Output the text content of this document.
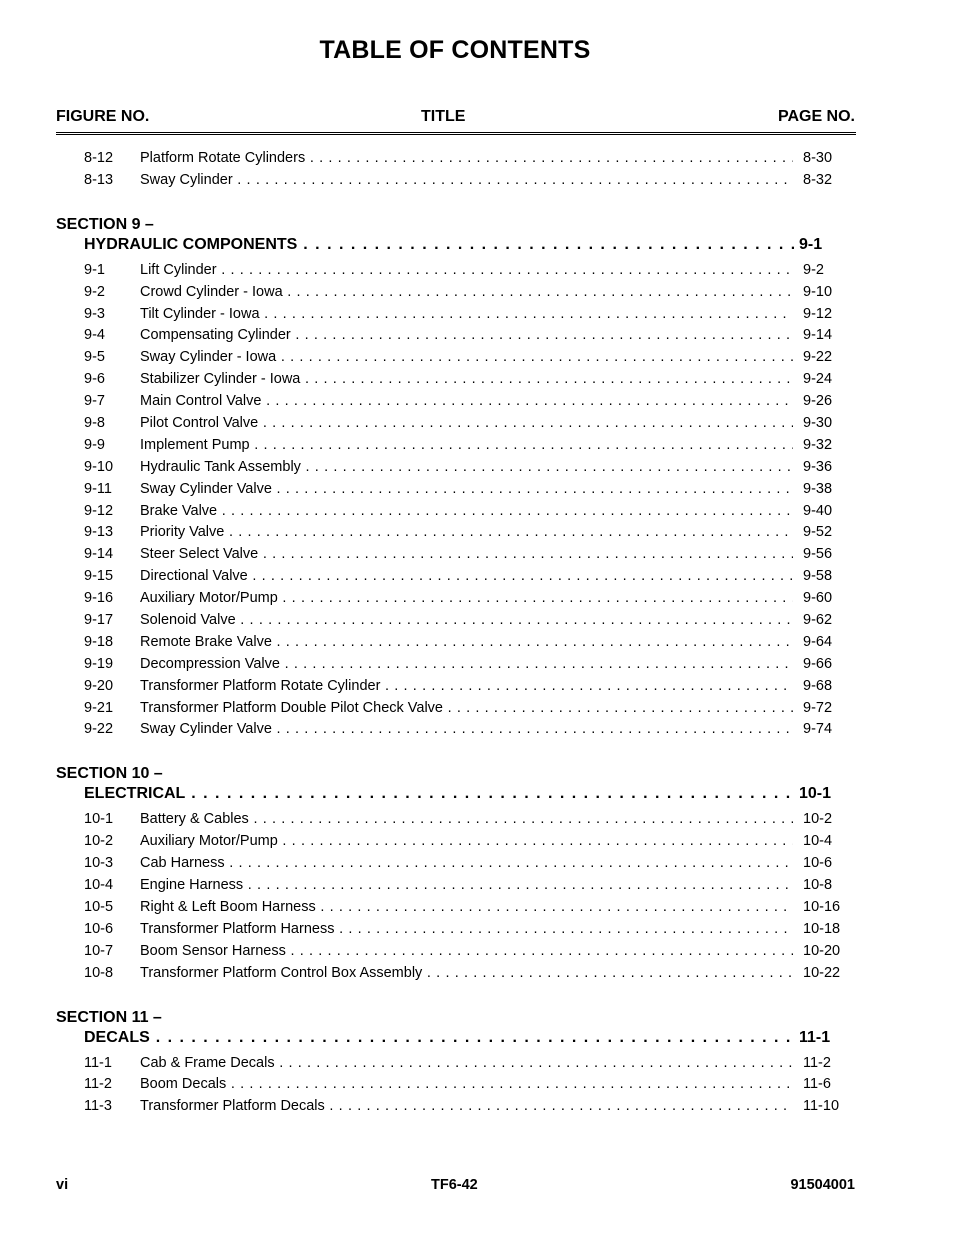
TABLE OF CONTENTS
FIGURE NO.	TITLE	PAGE NO.
8-12 Platform Rotate Cylinders . . .	8-30
8-13 Sway Cylinder . . .	8-32
SECTION 9 –
HYDRAULIC COMPONENTS . . .	9-1
9-1 Lift Cylinder . . .	9-2
9-2 Crowd Cylinder - Iowa . . .	9-10
9-3 Tilt Cylinder - Iowa . . .	9-12
9-4 Compensating Cylinder . . .	9-14
9-5 Sway Cylinder - Iowa . . .	9-22
9-6 Stabilizer Cylinder - Iowa . . .	9-24
9-7 Main Control Valve . . .	9-26
9-8 Pilot Control Valve . . .	9-30
9-9 Implement Pump . . .	9-32
9-10 Hydraulic Tank Assembly . . .	9-36
9-11 Sway Cylinder Valve . . .	9-38
9-12 Brake Valve . . .	9-40
9-13 Priority Valve . . .	9-52
9-14 Steer Select Valve . . .	9-56
9-15 Directional Valve . . .	9-58
9-16 Auxiliary Motor/Pump . . .	9-60
9-17 Solenoid Valve . . .	9-62
9-18 Remote Brake Valve . . .	9-64
9-19 Decompression Valve . . .	9-66
9-20 Transformer Platform Rotate Cylinder . . .	9-68
9-21 Transformer Platform Double Pilot Check Valve . . .	9-72
9-22 Sway Cylinder Valve . . .	9-74
SECTION 10 –
ELECTRICAL . . .	10-1
10-1 Battery & Cables . . .	10-2
10-2 Auxiliary Motor/Pump . . .	10-4
10-3 Cab Harness . . .	10-6
10-4 Engine Harness . . .	10-8
10-5 Right & Left Boom Harness . . .	10-16
10-6 Transformer Platform Harness . . .	10-18
10-7 Boom Sensor Harness . . .	10-20
10-8 Transformer Platform Control Box Assembly . . .	10-22
SECTION 11 –
DECALS . . .	11-1
11-1 Cab & Frame Decals . . .	11-2
11-2 Boom Decals . . .	11-6
11-3 Transformer Platform Decals . . .	11-10
vi	TF6-42	91504001
